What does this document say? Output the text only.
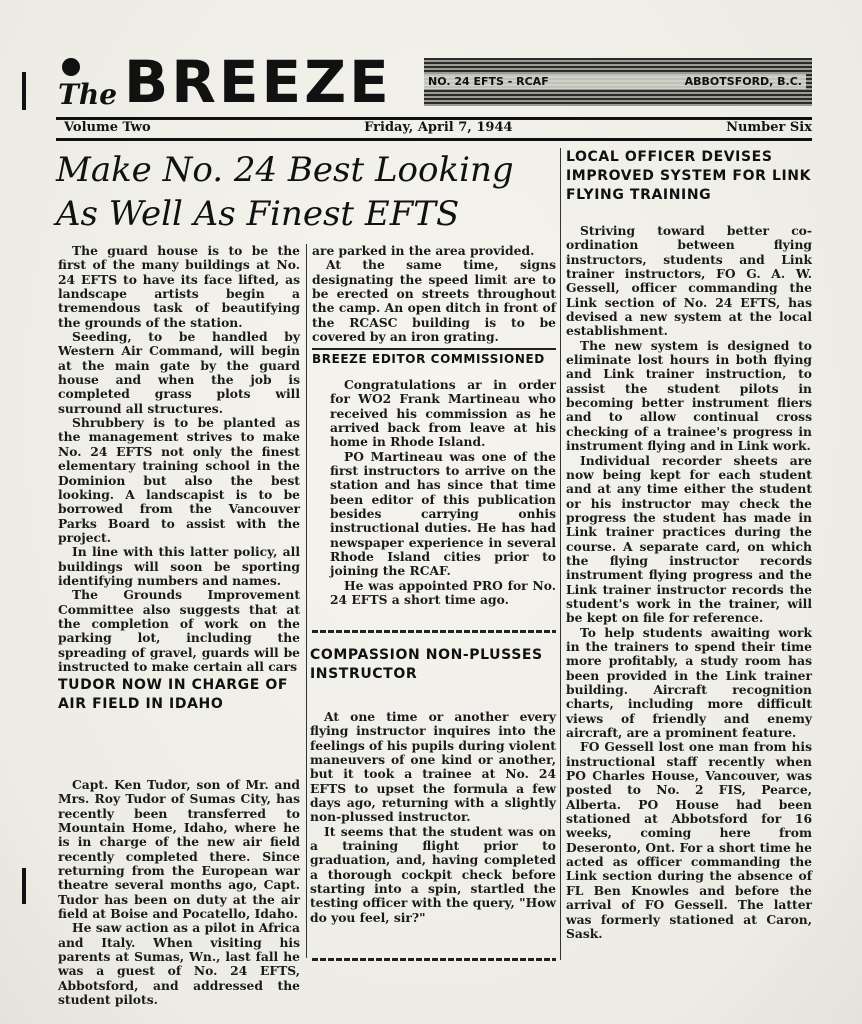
The BREEZE	NO. 24 EFTS - RCAF	ABBOTSFORD, B.C.
Volume Two	Friday, April 7, 1944	Number Six
Make No. 24 Best Looking
As Well As Finest EFTS

The guard house is to be the first of the many buildings at No. 24 EFTS to have its face lifted, as landscape artists begin a tremendous task of beautifying the grounds of the station.

Seeding, to be handled by Western Air Command, will begin at the main gate by the guard house and when the job is completed grass plots will surround all structures.

Shrubbery is to be planted as the management strives to make No. 24 EFTS not only the finest elementary training school in the Dominion but also the best looking. A landscapist is to be borrowed from the Vancouver Parks Board to assist with the project.

In line with this latter policy, all buildings will soon be sporting identifying numbers and names.

The Grounds Improvement Committee also suggests that at the completion of work on the parking lot, including the spreading of gravel, guards will be instructed to make certain all cars

TUDOR NOW IN CHARGE OF AIR FIELD IN IDAHO

Capt. Ken Tudor, son of Mr. and Mrs. Roy Tudor of Sumas City, has recently been transferred to Mountain Home, Idaho, where he is in charge of the new air field recently completed there. Since returning from the European war theatre several months ago, Capt. Tudor has been on duty at the air field at Boise and Pocatello, Idaho.

He saw action as a pilot in Africa and Italy. When visiting his parents at Sumas, Wn., last fall he was a guest of No. 24 EFTS, Abbotsford, and addressed the student pilots.

are parked in the area provided.

At the same time, signs designating the speed limit are to be erected on streets throughout the camp. An open ditch in front of the RCASC building is to be covered by an iron grating.

BREEZE EDITOR COMMISSIONED

Congratulations ar in order for WO2 Frank Martineau who received his commission as he arrived back from leave at his home in Rhode Island.

PO Martineau was one of the first instructors to arrive on the station and has since that time been editor of this publication besides carrying onhis instructional duties. He has had newspaper experience in several Rhode Island cities prior to joining the RCAF.

He was appointed PRO for No. 24 EFTS a short time ago.

COMPASSION NON-PLUSSES INSTRUCTOR

At one time or another every flying instructor inquires into the feelings of his pupils during violent maneuvers of one kind or another, but it took a trainee at No. 24 EFTS to upset the formula a few days ago, returning with a slightly non-plussed instructor.

It seems that the student was on a training flight prior to graduation, and, having completed a thorough cockpit check before starting into a spin, startled the testing officer with the query, "How do you feel, sir?"

LOCAL OFFICER DEVISES IMPROVED SYSTEM FOR LINK FLYING TRAINING

Striving toward better co-ordination between flying instructors, students and Link trainer instructors, FO G. A. W. Gessell, officer commanding the Link section of No. 24 EFTS, has devised a new system at the local establishment.

The new system is designed to eliminate lost hours in both flying and Link trainer instruction, to assist the student pilots in becoming better instrument fliers and to allow continual cross checking of a trainee's progress in instrument flying and in Link work.

Individual recorder sheets are now being kept for each student and at any time either the student or his instructor may check the progress the student has made in Link trainer practices during the course. A separate card, on which the flying instructor records instrument flying progress and the Link trainer instructor records the student's work in the trainer, will be kept on file for reference.

To help students awaiting work in the trainers to spend their time more profitably, a study room has been provided in the Link trainer building. Aircraft recognition charts, including more difficult views of friendly and enemy aircraft, are a prominent feature.

FO Gessell lost one man from his instructional staff recently when PO Charles House, Vancouver, was posted to No. 2 FIS, Pearce, Alberta. PO House had been stationed at Abbotsford for 16 weeks, coming here from Deseronto, Ont. For a short time he acted as officer commanding the Link section during the absence of FL Ben Knowles and before the arrival of FO Gessell. The latter was formerly stationed at Caron, Sask.
